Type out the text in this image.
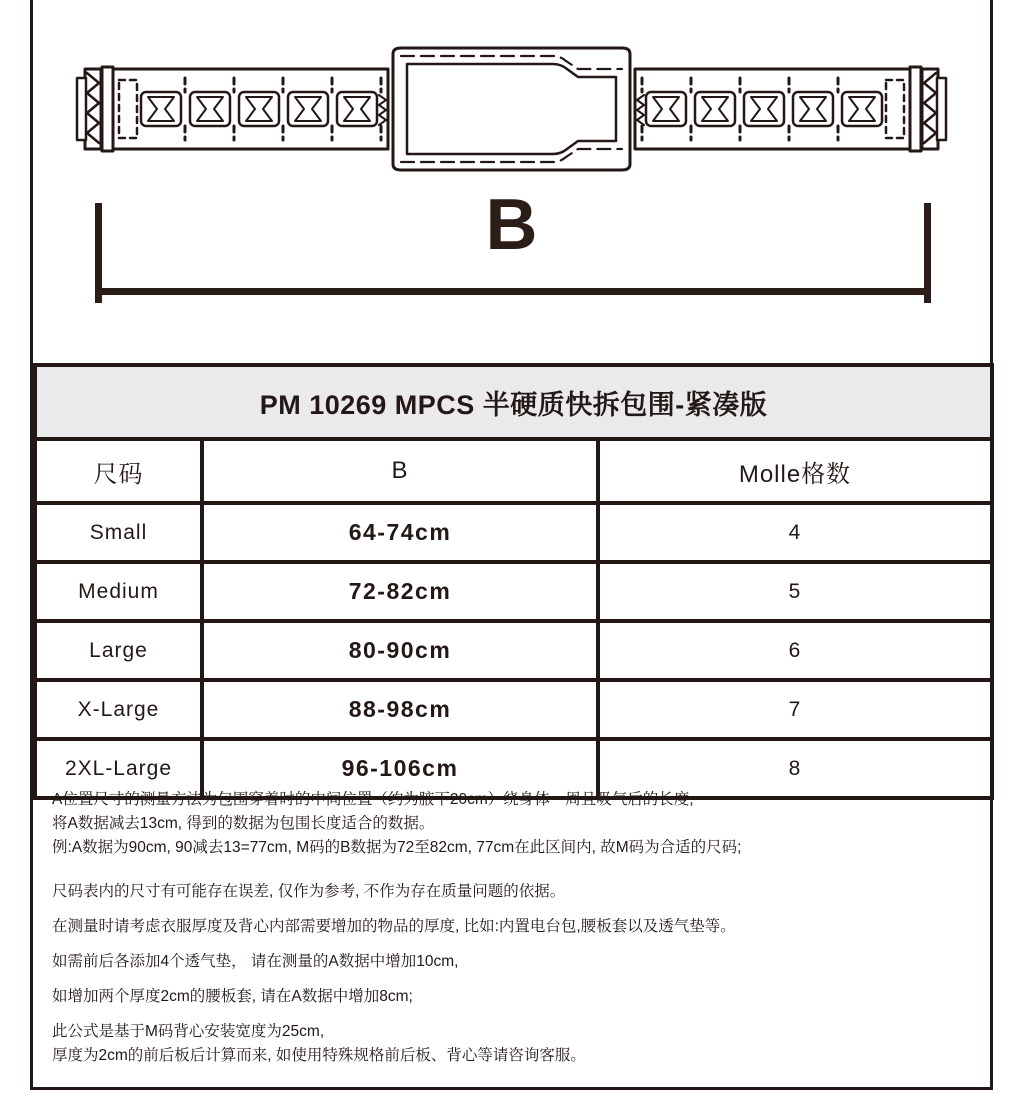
B
PM 10269 MPCS 半硬质快拆包围-紧凑版		
尺码	B	Molle格数
Small	64-74cm	4
Medium	72-82cm	5
Large	80-90cm	6
X-Large	88-98cm	7
2XL-Large	96-106cm	8

A位置尺寸的测量方法为包围穿着时的中间位置（约为腋下20cm）绕身体一周且吸气后的长度,
将A数据减去13cm, 得到的数据为包围长度适合的数据。
例:A数据为90cm, 90减去13=77cm, M码的B数据为72至82cm, 77cm在此区间内, 故M码为合适的尺码;

尺码表内的尺寸有可能存在误差, 仅作为参考, 不作为存在质量问题的依据。
在测量时请考虑衣服厚度及背心内部需要增加的物品的厚度, 比如:内置电台包,腰板套以及透气垫等。
如需前后各添加4个透气垫， 请在测量的A数据中增加10cm,
如增加两个厚度2cm的腰板套, 请在A数据中增加8cm;
此公式是基于M码背心安装宽度为25cm,
厚度为2cm的前后板后计算而来, 如使用特殊规格前后板、背心等请咨询客服。
